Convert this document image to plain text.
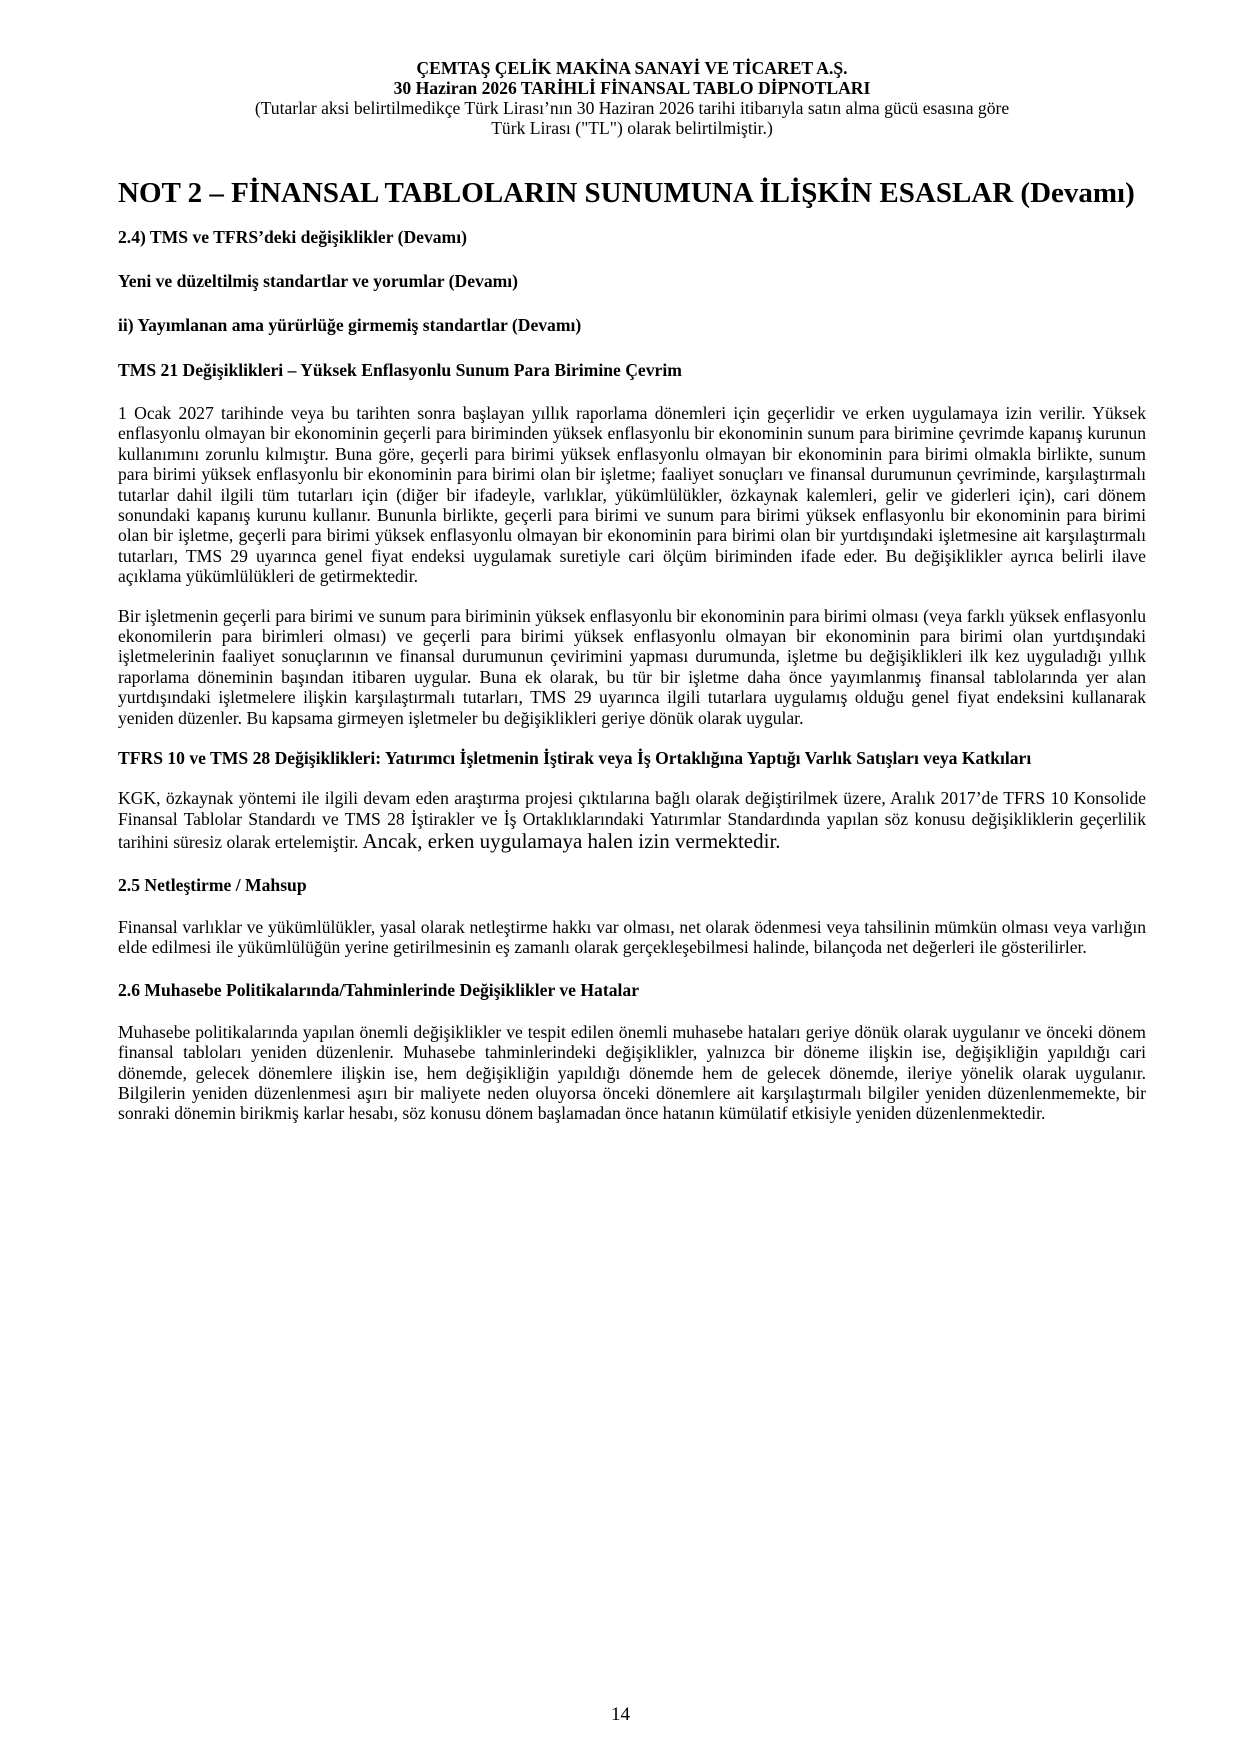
ÇEMTAŞ ÇELİK MAKİNA SANAYİ VE TİCARET A.Ş.
30 Haziran 2026 TARİHLİ FİNANSAL TABLO DİPNOTLARI
(Tutarlar aksi belirtilmedikçe Türk Lirası’nın 30 Haziran 2026 tarihi itibarıyla satın alma gücü esasına göre
Türk Lirası ("TL") olarak belirtilmiştir.)
NOT 2 – FİNANSAL TABLOLARIN SUNUMUNA İLİŞKİN ESASLAR (Devamı)

2.4) TMS ve TFRS’deki değişiklikler (Devamı)

Yeni ve düzeltilmiş standartlar ve yorumlar (Devamı)

ii) Yayımlanan ama yürürlüğe girmemiş standartlar (Devamı)

TMS 21 Değişiklikleri – Yüksek Enflasyonlu Sunum Para Birimine Çevrim

1 Ocak 2027 tarihinde veya bu tarihten sonra başlayan yıllık raporlama dönemleri için geçerlidir ve erken uygulamaya izin verilir. Yüksek enflasyonlu olmayan bir ekonominin geçerli para biriminden yüksek enflasyonlu bir ekonominin sunum para birimine çevrimde kapanış kurunun kullanımını zorunlu kılmıştır. Buna göre, geçerli para birimi yüksek enflasyonlu olmayan bir ekonominin para birimi olmakla birlikte, sunum para birimi yüksek enflasyonlu bir ekonominin para birimi olan bir işletme; faaliyet sonuçları ve finansal durumunun çevriminde, karşılaştırmalı tutarlar dahil ilgili tüm tutarları için (diğer bir ifadeyle, varlıklar, yükümlülükler, özkaynak kalemleri, gelir ve giderleri için), cari dönem sonundaki kapanış kurunu kullanır. Bununla birlikte, geçerli para birimi ve sunum para birimi yüksek enflasyonlu bir ekonominin para birimi olan bir işletme, geçerli para birimi yüksek enflasyonlu olmayan bir ekonominin para birimi olan bir yurtdışındaki işletmesine ait karşılaştırmalı tutarları, TMS 29 uyarınca genel fiyat endeksi uygulamak suretiyle cari ölçüm biriminden ifade eder. Bu değişiklikler ayrıca belirli ilave açıklama yükümlülükleri de getirmektedir.

Bir işletmenin geçerli para birimi ve sunum para biriminin yüksek enflasyonlu bir ekonominin para birimi olması (veya farklı yüksek enflasyonlu ekonomilerin para birimleri olması) ve geçerli para birimi yüksek enflasyonlu olmayan bir ekonominin para birimi olan yurtdışındaki işletmelerinin faaliyet sonuçlarının ve finansal durumunun çevirimini yapması durumunda, işletme bu değişiklikleri ilk kez uyguladığı yıllık raporlama döneminin başından itibaren uygular. Buna ek olarak, bu tür bir işletme daha önce yayımlanmış finansal tablolarında yer alan yurtdışındaki işletmelere ilişkin karşılaştırmalı tutarları, TMS 29 uyarınca ilgili tutarlara uygulamış olduğu genel fiyat endeksini kullanarak yeniden düzenler. Bu kapsama girmeyen işletmeler bu değişiklikleri geriye dönük olarak uygular.

TFRS 10 ve TMS 28 Değişiklikleri: Yatırımcı İşletmenin İştirak veya İş Ortaklığına Yaptığı Varlık Satışları veya Katkıları

KGK, özkaynak yöntemi ile ilgili devam eden araştırma projesi çıktılarına bağlı olarak değiştirilmek üzere, Aralık 2017’de TFRS 10 Konsolide Finansal Tablolar Standardı ve TMS 28 İştirakler ve İş Ortaklıklarındaki Yatırımlar Standardında yapılan söz konusu değişikliklerin geçerlilik tarihini süresiz olarak ertelemiştir. Ancak, erken uygulamaya halen izin vermektedir.

2.5 Netleştirme / Mahsup

Finansal varlıklar ve yükümlülükler, yasal olarak netleştirme hakkı var olması, net olarak ödenmesi veya tahsilinin mümkün olması veya varlığın elde edilmesi ile yükümlülüğün yerine getirilmesinin eş zamanlı olarak gerçekleşebilmesi halinde, bilançoda net değerleri ile gösterilirler.

2.6 Muhasebe Politikalarında/Tahminlerinde Değişiklikler ve Hatalar

Muhasebe politikalarında yapılan önemli değişiklikler ve tespit edilen önemli muhasebe hataları geriye dönük olarak uygulanır ve önceki dönem finansal tabloları yeniden düzenlenir. Muhasebe tahminlerindeki değişiklikler, yalnızca bir döneme ilişkin ise, değişikliğin yapıldığı cari dönemde, gelecek dönemlere ilişkin ise, hem değişikliğin yapıldığı dönemde hem de gelecek dönemde, ileriye yönelik olarak uygulanır. Bilgilerin yeniden düzenlenmesi aşırı bir maliyete neden oluyorsa önceki dönemlere ait karşılaştırmalı bilgiler yeniden düzenlenmemekte, bir sonraki dönemin birikmiş karlar hesabı, söz konusu dönem başlamadan önce hatanın kümülatif etkisiyle yeniden düzenlenmektedir.

14
